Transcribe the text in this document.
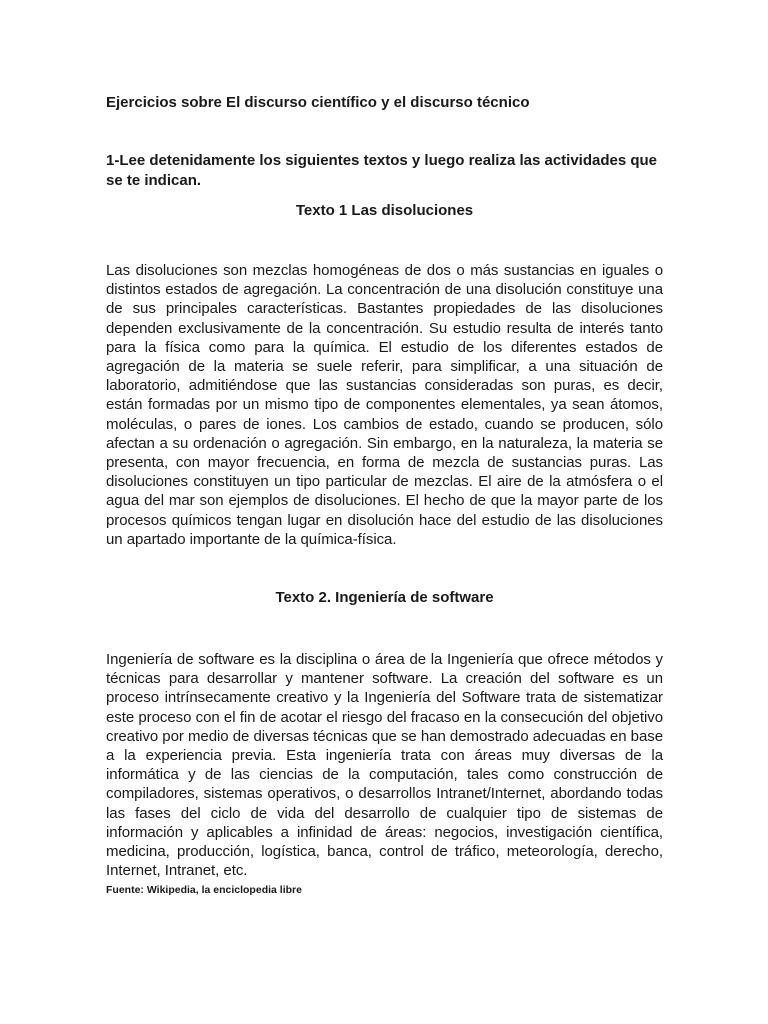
Ejercicios sobre El discurso científico y el discurso técnico

1-Lee detenidamente los siguientes textos y luego realiza las actividades que se te indican.

Texto 1 Las disoluciones

Las disoluciones son mezclas homogéneas de dos o más sustancias en iguales o distintos estados de agregación. La concentración de una disolución constituye una de sus principales características. Bastantes propiedades de las disoluciones dependen exclusivamente de la concentración. Su estudio resulta de interés tanto para la física como para la química. El estudio de los diferentes estados de agregación de la materia se suele referir, para simplificar, a una situación de laboratorio, admitiéndose que las sustancias consideradas son puras, es decir, están formadas por un mismo tipo de componentes elementales, ya sean átomos, moléculas, o pares de iones. Los cambios de estado, cuando se producen, sólo afectan a su ordenación o agregación. Sin embargo, en la naturaleza, la materia se presenta, con mayor frecuencia, en forma de mezcla de sustancias puras. Las disoluciones constituyen un tipo particular de mezclas. El aire de la atmósfera o el agua del mar son ejemplos de disoluciones. El hecho de que la mayor parte de los procesos químicos tengan lugar en disolución hace del estudio de las disoluciones un apartado importante de la química-física.

Texto 2. Ingeniería de software

Ingeniería de software es la disciplina o área de la Ingeniería que ofrece métodos y técnicas para desarrollar y mantener software. La creación del software es un proceso intrínsecamente creativo y la Ingeniería del Software trata de sistematizar este proceso con el fin de acotar el riesgo del fracaso en la consecución del objetivo creativo por medio de diversas técnicas que se han demostrado adecuadas en base a la experiencia previa. Esta ingeniería trata con áreas muy diversas de la informática y de las ciencias de la computación, tales como construcción de compiladores, sistemas operativos, o desarrollos Intranet/Internet, abordando todas las fases del ciclo de vida del desarrollo de cualquier tipo de sistemas de información y aplicables a infinidad de áreas: negocios, investigación científica, medicina, producción, logística, banca, control de tráfico, meteorología, derecho, Internet, Intranet, etc.

Fuente: Wikipedia, la enciclopedia libre
